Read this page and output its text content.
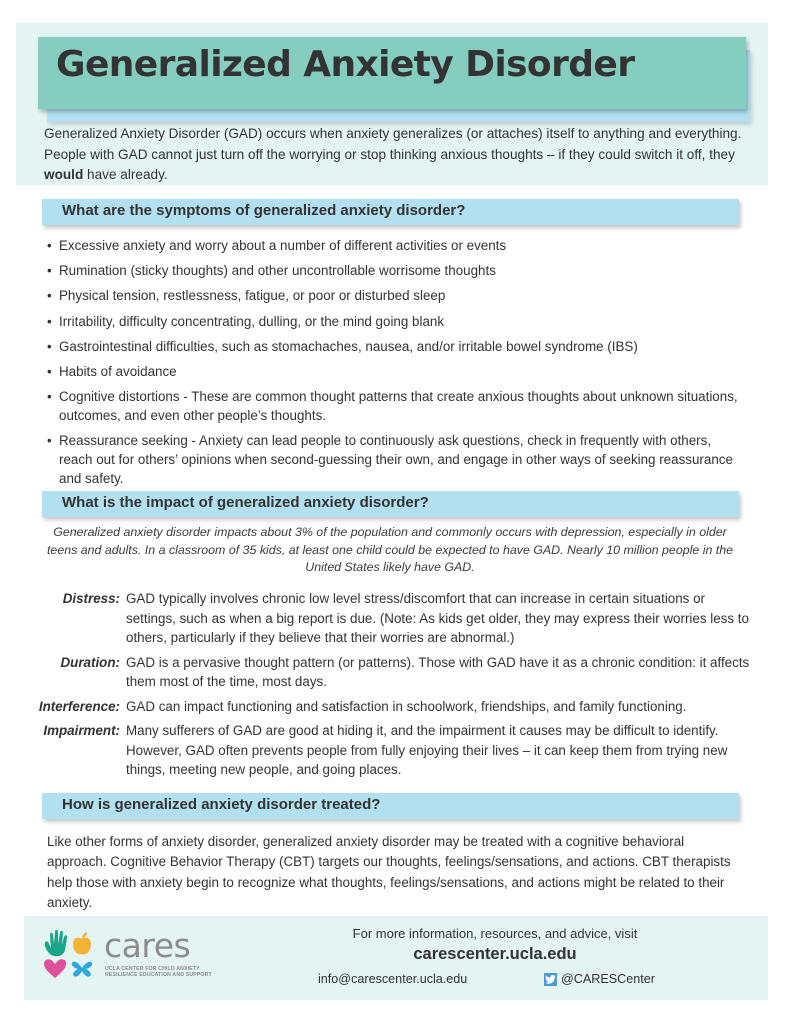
Generalized Anxiety Disorder

Generalized Anxiety Disorder (GAD) occurs when anxiety generalizes (or attaches) itself to anything and everything. People with GAD cannot just turn off the worrying or stop thinking anxious thoughts – if they could switch it off, they would have already.

What are the symptoms of generalized anxiety disorder?
• Excessive anxiety and worry about a number of different activities or events
• Rumination (sticky thoughts) and other uncontrollable worrisome thoughts
• Physical tension, restlessness, fatigue, or poor or disturbed sleep
• Irritability, difficulty concentrating, dulling, or the mind going blank
• Gastrointestinal difficulties, such as stomachaches, nausea, and/or irritable bowel syndrome (IBS)
• Habits of avoidance
• Cognitive distortions - These are common thought patterns that create anxious thoughts about unknown situations, outcomes, and even other people’s thoughts.
• Reassurance seeking - Anxiety can lead people to continuously ask questions, check in frequently with others, reach out for others’ opinions when second-guessing their own, and engage in other ways of seeking reassurance and safety.
What is the impact of generalized anxiety disorder?

Generalized anxiety disorder impacts about 3% of the population and commonly occurs with depression, especially in older teens and adults. In a classroom of 35 kids, at least one child could be expected to have GAD. Nearly 10 million people in the United States likely have GAD.

Distress: GAD typically involves chronic low level stress/discomfort that can increase in certain situations or settings, such as when a big report is due. (Note: As kids get older, they may express their worries less to others, particularly if they believe that their worries are abnormal.)
Duration: GAD is a pervasive thought pattern (or patterns). Those with GAD have it as a chronic condition: it affects them most of the time, most days.
Interference: GAD can impact functioning and satisfaction in schoolwork, friendships, and family functioning.
Impairment: Many sufferers of GAD are good at hiding it, and the impairment it causes may be difficult to identify. However, GAD often prevents people from fully enjoying their lives – it can keep them from trying new things, meeting new people, and going places.
How is generalized anxiety disorder treated?

Like other forms of anxiety disorder, generalized anxiety disorder may be treated with a cognitive behavioral approach. Cognitive Behavior Therapy (CBT) targets our thoughts, feelings/sensations, and actions. CBT therapists help those with anxiety begin to recognize what thoughts, feelings/sensations, and actions might be related to their anxiety.

cares
UCLA CENTER FOR CHILD ANXIETY
RESILIENCE EDUCATION AND SUPPORT
For more information, resources, and advice, visit
carescenter.ucla.edu
info@carescenter.ucla.edu	@CARESCenter
